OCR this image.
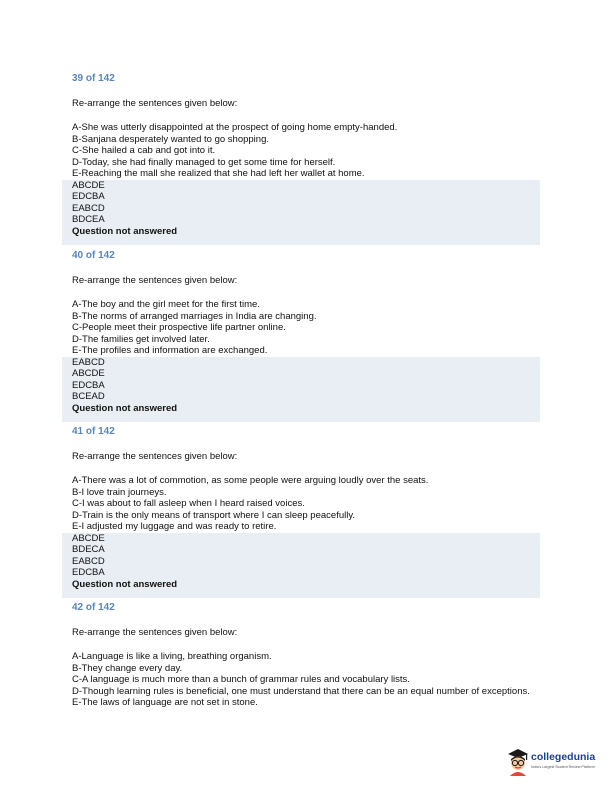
39 of 142
Re-arrange the sentences given below:
A-She was utterly disappointed at the prospect of going home empty-handed.
B-Sanjana desperately wanted to go shopping.
C-She hailed a cab and got into it.
D-Today, she had finally managed to get some time for herself.
E-Reaching the mall she realized that she had left her wallet at home.
ABCDE
EDCBA
EABCD
BDCEA
Question not answered
40 of 142
Re-arrange the sentences given below:
A-The boy and the girl meet for the first time.
B-The norms of arranged marriages in India are changing.
C-People meet their prospective life partner online.
D-The families get involved later.
E-The profiles and information are exchanged.
EABCD
ABCDE
EDCBA
BCEAD
Question not answered
41 of 142
Re-arrange the sentences given below:
A-There was a lot of commotion, as some people were arguing loudly over the seats.
B-I love train journeys.
C-I was about to fall asleep when I heard raised voices.
D-Train is the only means of transport where I can sleep peacefully.
E-I adjusted my luggage and was ready to retire.
ABCDE
BDECA
EABCD
EDCBA
Question not answered
42 of 142
Re-arrange the sentences given below:
A-Language is like a living, breathing organism.
B-They change every day.
C-A language is much more than a bunch of grammar rules and vocabulary lists.
D-Though learning rules is beneficial, one must understand that there can be an equal number of exceptions.
E-The laws of language are not set in stone.
collegedunia
India's Largest Student Review Platform
